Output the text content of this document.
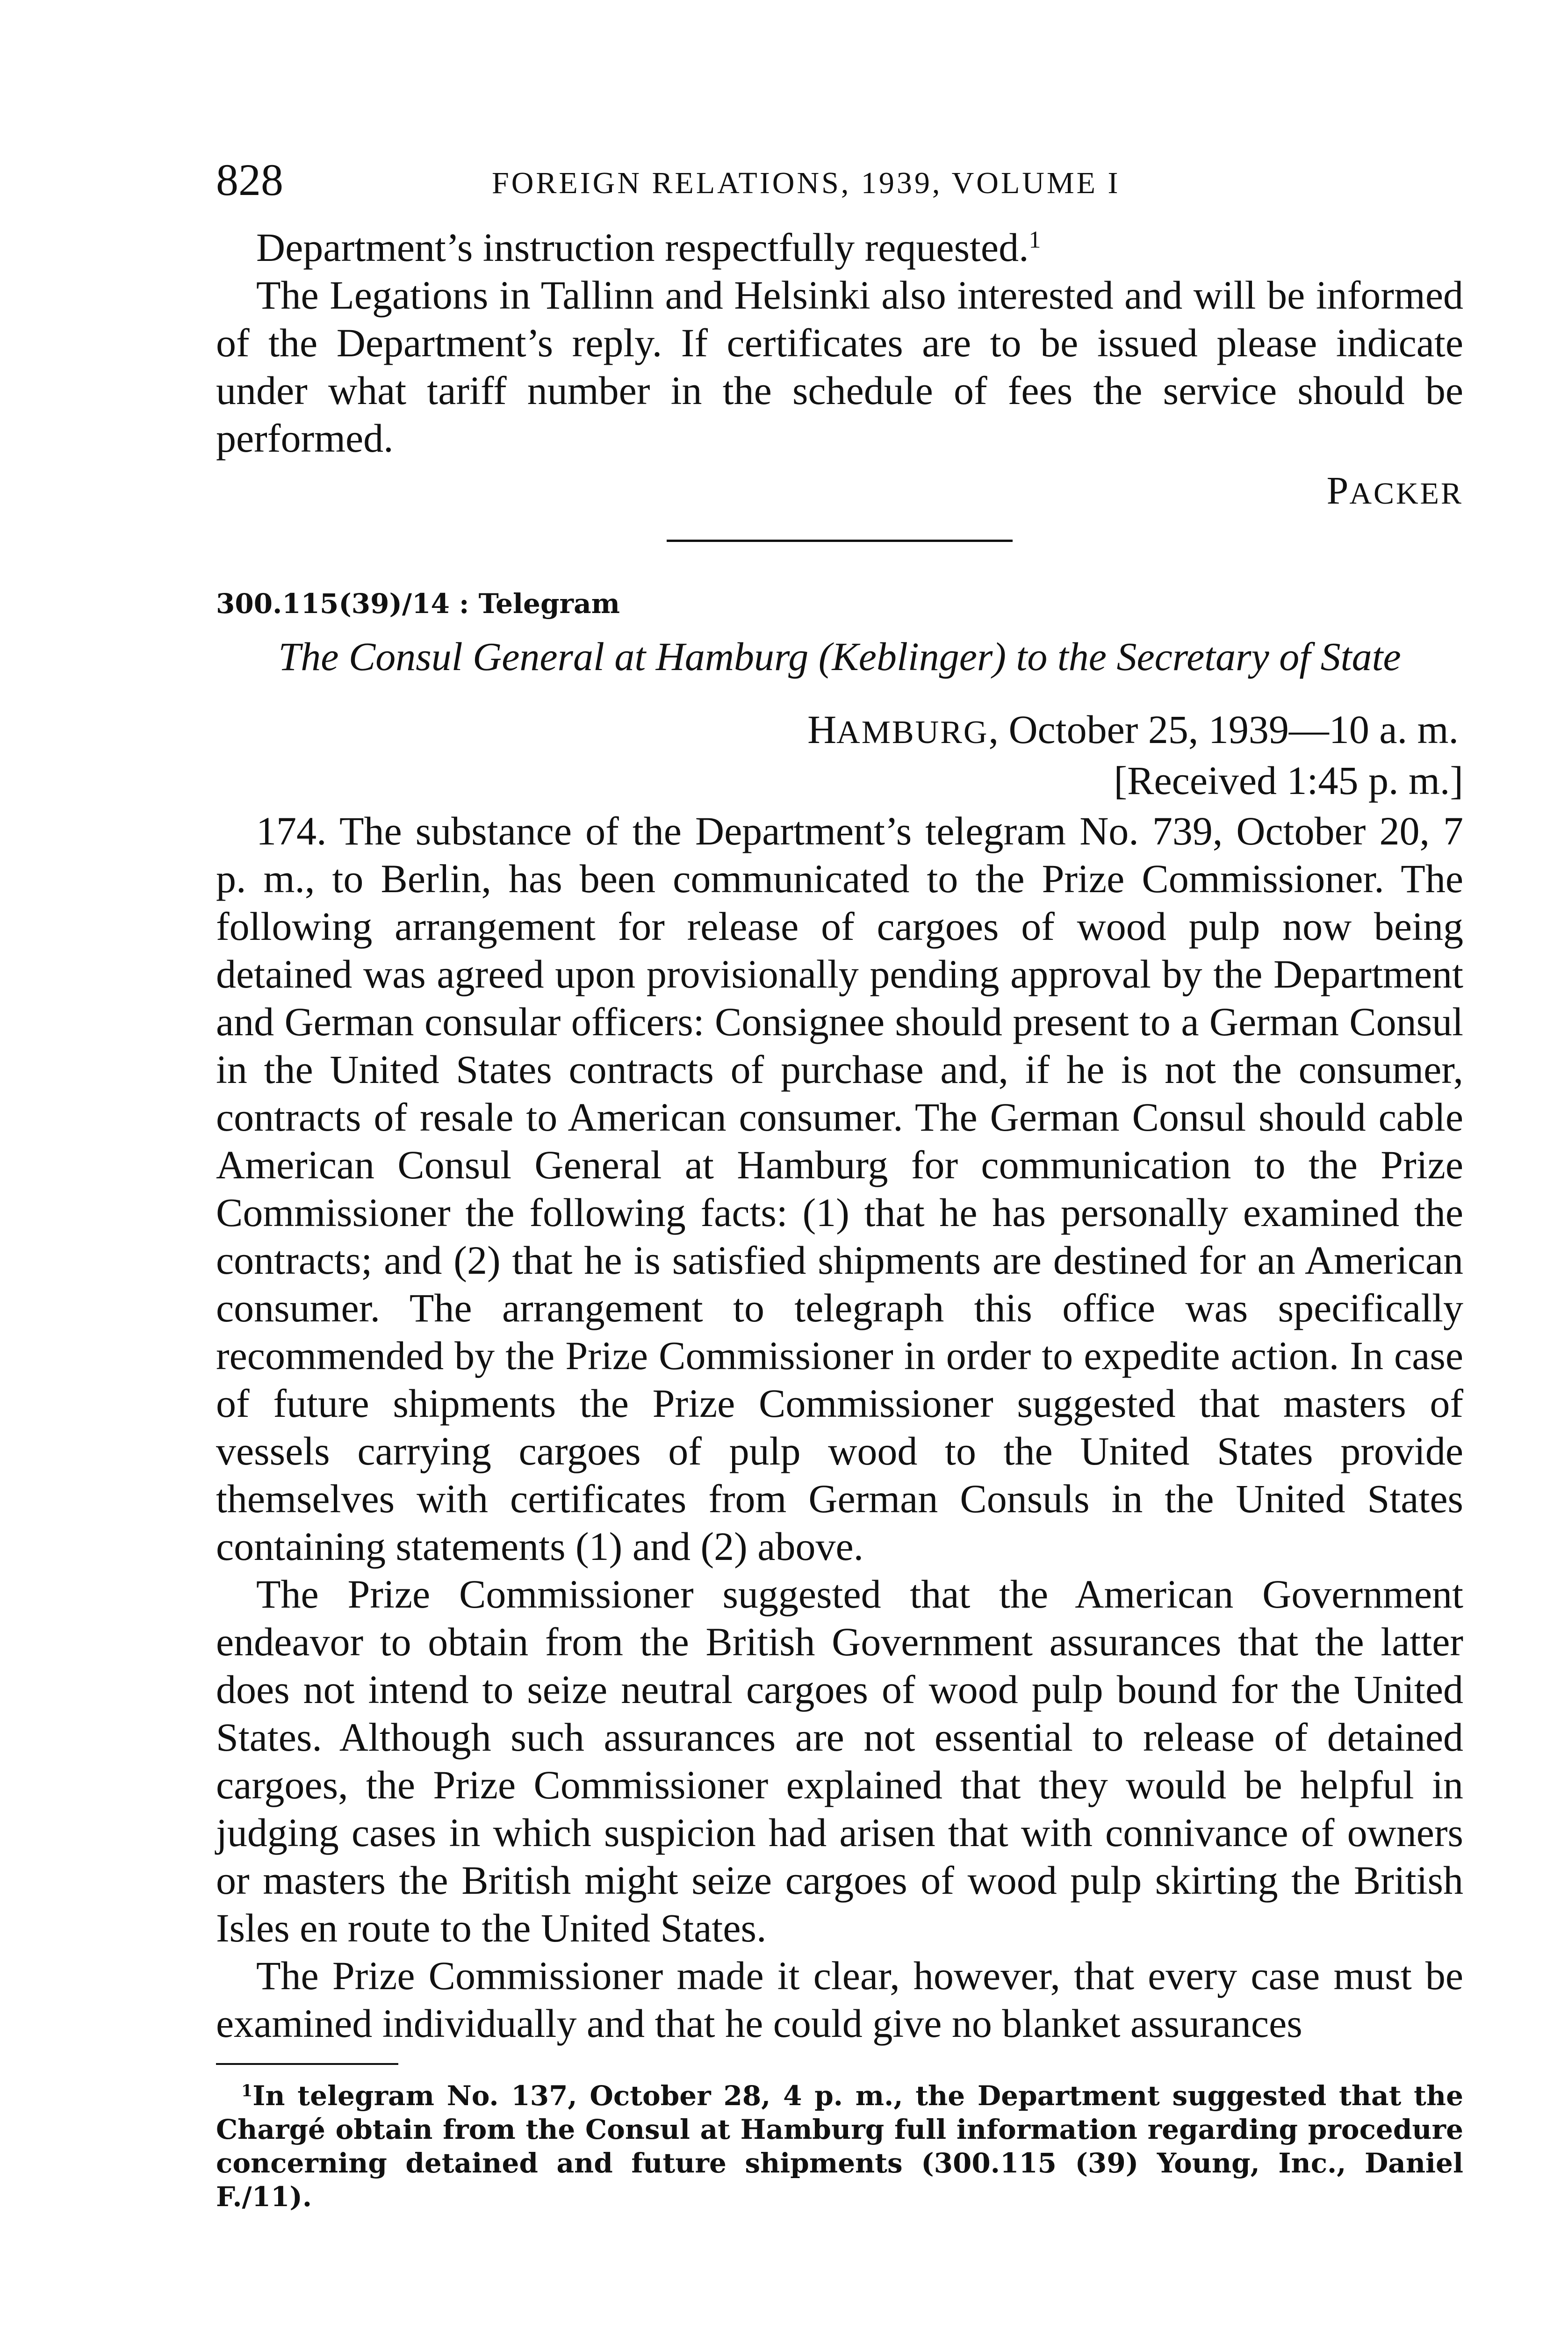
828	FOREIGN RELATIONS, 1939, VOLUME I

Department’s instruction respectfully requested.$^1$

The Legations in Tallinn and Helsinki also interested and will be informed of the Department’s reply. If certificates are to be issued please indicate under what tariff number in the schedule of fees the service should be performed.

PACKER
300.115(39)/14 : Telegram
The Consul General at Hamburg (Keblinger) to the Secretary of State
HAMBURG, October 25, 1939—10 a. m.
[Received 1:45 p. m.]

174. The substance of the Department’s telegram No. 739, October 20, 7 p. m., to Berlin, has been communicated to the Prize Commissioner. The following arrangement for release of cargoes of wood pulp now being detained was agreed upon provisionally pending approval by the Department and German consular officers: Consignee should present to a German Consul in the United States contracts of purchase and, if he is not the consumer, contracts of resale to American consumer. The German Consul should cable American Consul General at Hamburg for communication to the Prize Commissioner the following facts: (1) that he has personally examined the contracts; and (2) that he is satisfied shipments are destined for an American consumer. The arrangement to telegraph this office was specifically recommended by the Prize Commissioner in order to expedite action. In case of future shipments the Prize Commissioner suggested that masters of vessels carrying cargoes of pulp wood to the United States provide themselves with certificates from German Consuls in the United States containing statements (1) and (2) above.

The Prize Commissioner suggested that the American Government endeavor to obtain from the British Government assurances that the latter does not intend to seize neutral cargoes of wood pulp bound for the United States. Although such assurances are not essential to release of detained cargoes, the Prize Commissioner explained that they would be helpful in judging cases in which suspicion had arisen that with connivance of owners or masters the British might seize cargoes of wood pulp skirting the British Isles en route to the United States.

The Prize Commissioner made it clear, however, that every case must be examined individually and that he could give no blanket assurances

$^1$In telegram No. 137, October 28, 4 p. m., the Department suggested that the Chargé obtain from the Consul at Hamburg full information regarding procedure concerning detained and future shipments (300.115 (39) Young, Inc., Daniel F./11).
